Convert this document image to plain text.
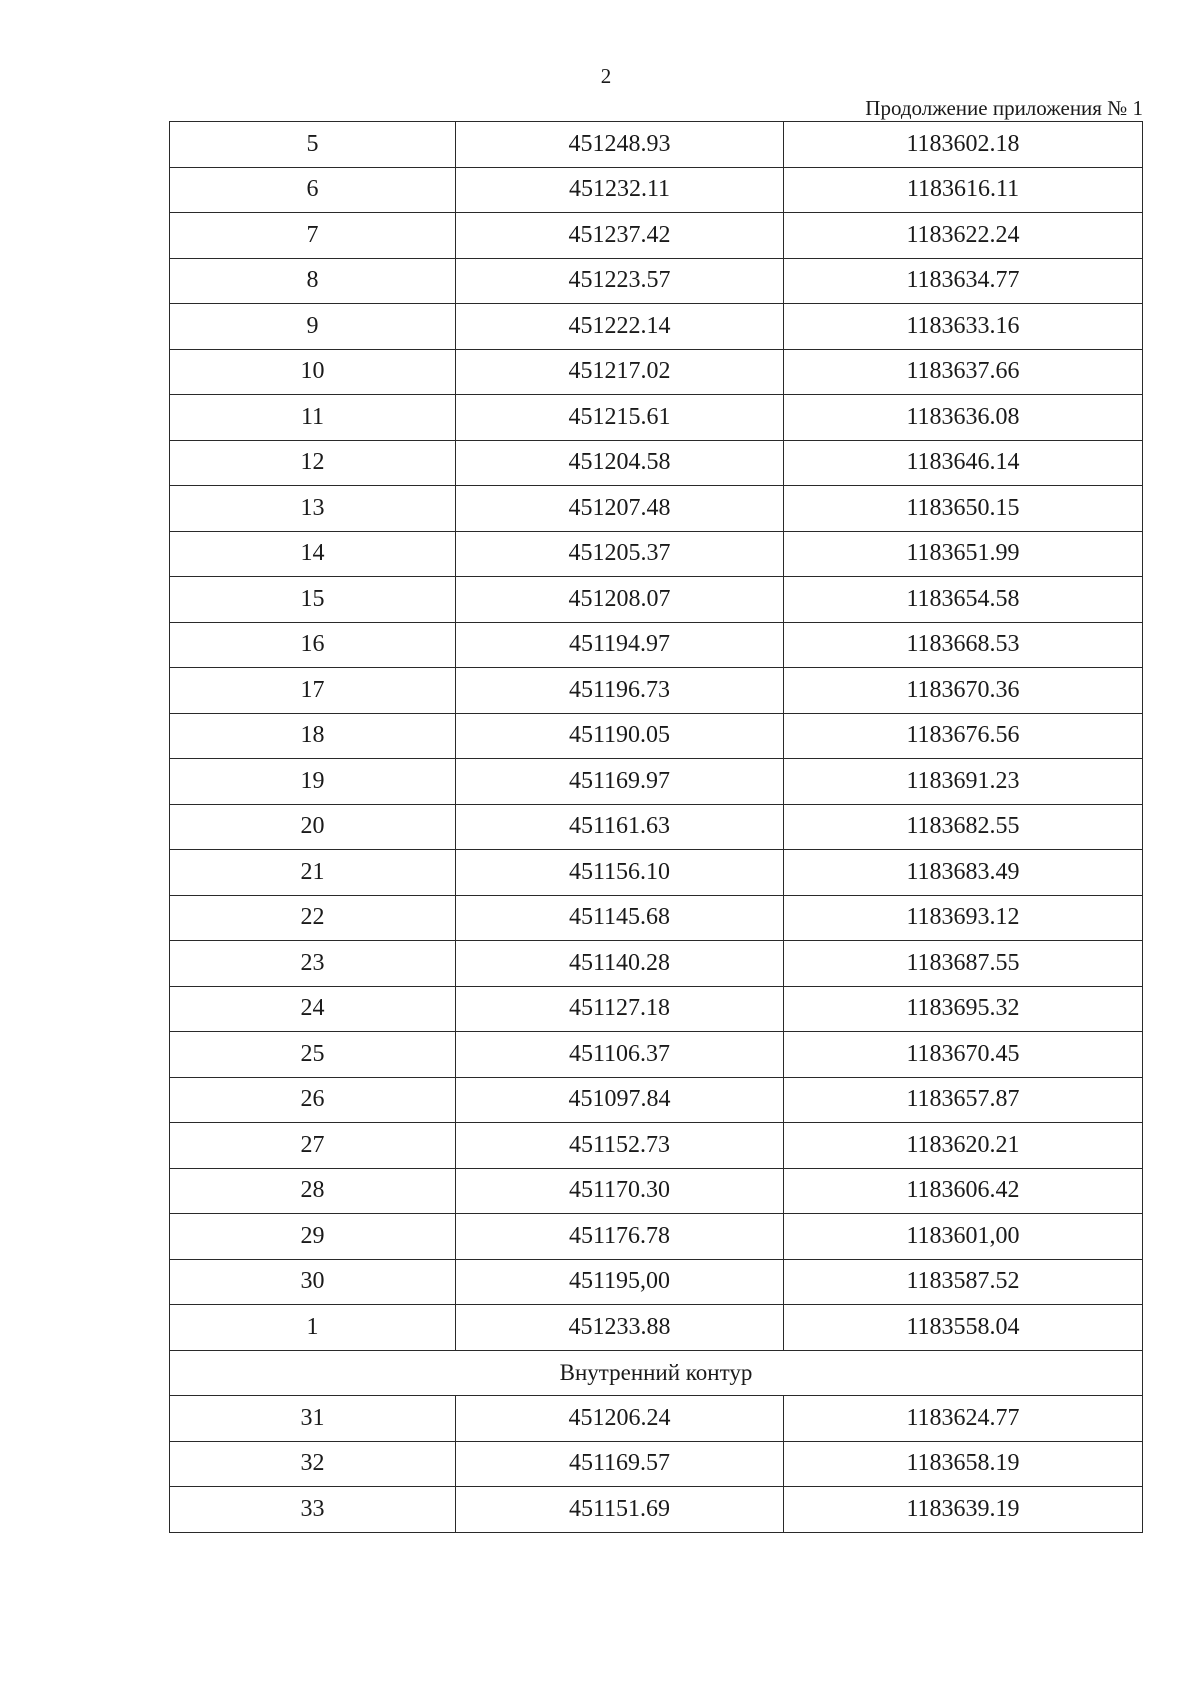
2
Продолжение приложения № 1
5	451248.93	1183602.18
6	451232.11	1183616.11
7	451237.42	1183622.24
8	451223.57	1183634.77
9	451222.14	1183633.16
10	451217.02	1183637.66
11	451215.61	1183636.08
12	451204.58	1183646.14
13	451207.48	1183650.15
14	451205.37	1183651.99
15	451208.07	1183654.58
16	451194.97	1183668.53
17	451196.73	1183670.36
18	451190.05	1183676.56
19	451169.97	1183691.23
20	451161.63	1183682.55
21	451156.10	1183683.49
22	451145.68	1183693.12
23	451140.28	1183687.55
24	451127.18	1183695.32
25	451106.37	1183670.45
26	451097.84	1183657.87
27	451152.73	1183620.21
28	451170.30	1183606.42
29	451176.78	1183601,00
30	451195,00	1183587.52
1	451233.88	1183558.04
Внутренний контур		
31	451206.24	1183624.77
32	451169.57	1183658.19
33	451151.69	1183639.19
